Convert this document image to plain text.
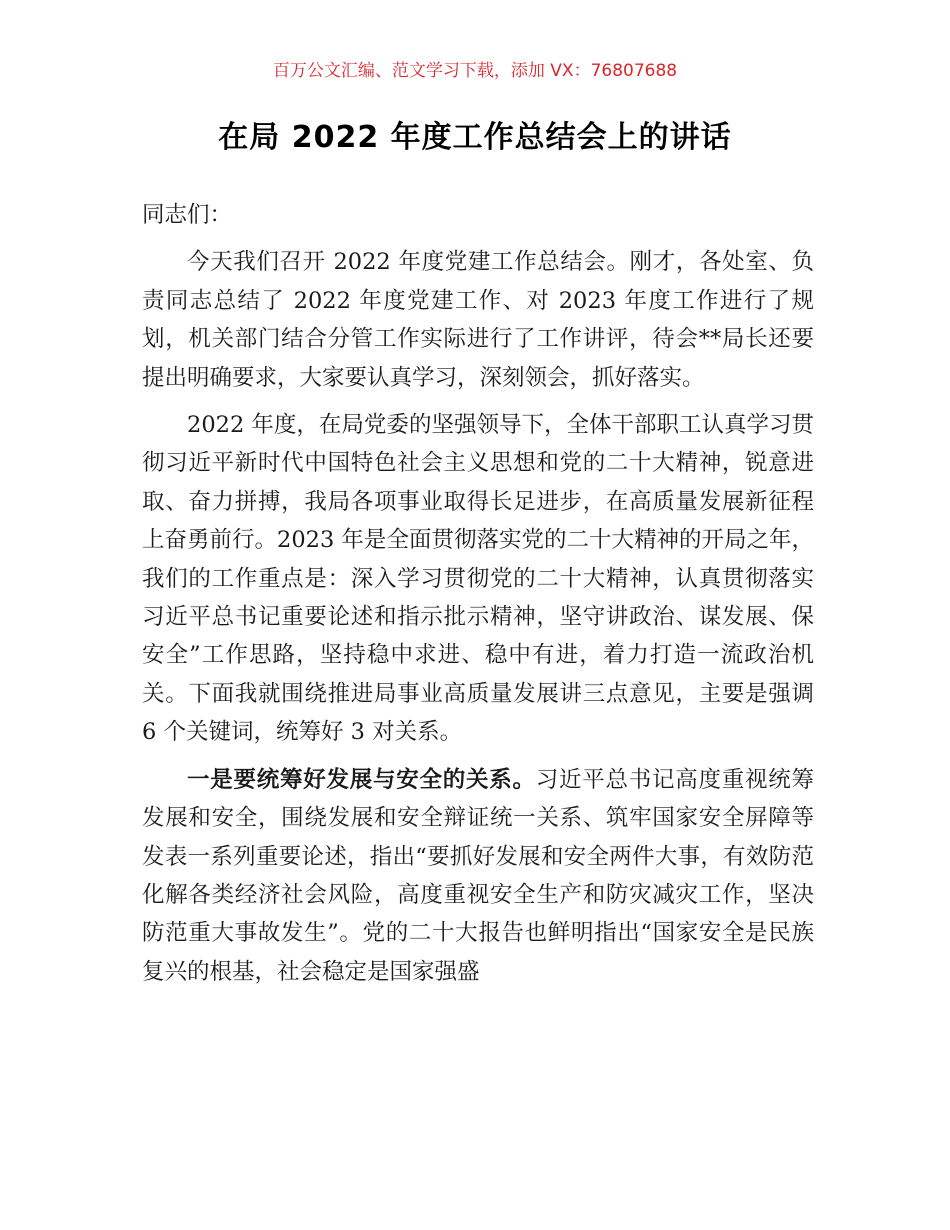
百万公文汇编、范文学习下载，添加 VX：76807688
在局 2022 年度工作总结会上的讲话

同志们：

今天我们召开 2022 年度党建工作总结会。刚才，各处室、负责同志总结了 2022 年度党建工作、对 2023 年度工作进行了规划，机关部门结合分管工作实际进行了工作讲评，待会**局长还要提出明确要求，大家要认真学习，深刻领会，抓好落实。

2022 年度，在局党委的坚强领导下，全体干部职工认真学习贯彻习近平新时代中国特色社会主义思想和党的二十大精神，锐意进取、奋力拼搏，我局各项事业取得长足进步，在高质量发展新征程上奋勇前行。2023 年是全面贯彻落实党的二十大精神的开局之年，我们的工作重点是：深入学习贯彻党的二十大精神，认真贯彻落实习近平总书记重要论述和指示批示精神，坚守讲政治、谋发展、保安全”工作思路，坚持稳中求进、稳中有进，着力打造一流政治机关。下面我就围绕推进局事业高质量发展讲三点意见，主要是强调 6 个关键词，统筹好 3 对关系。

一是要统筹好发展与安全的关系。习近平总书记高度重视统筹发展和安全，围绕发展和安全辩证统一关系、筑牢国家安全屏障等发表一系列重要论述，指出“要抓好发展和安全两件大事，有效防范化解各类经济社会风险，高度重视安全生产和防灾减灾工作，坚决防范重大事故发生”。党的二十大报告也鲜明指出“国家安全是民族复兴的根基，社会稳定是国家强盛
